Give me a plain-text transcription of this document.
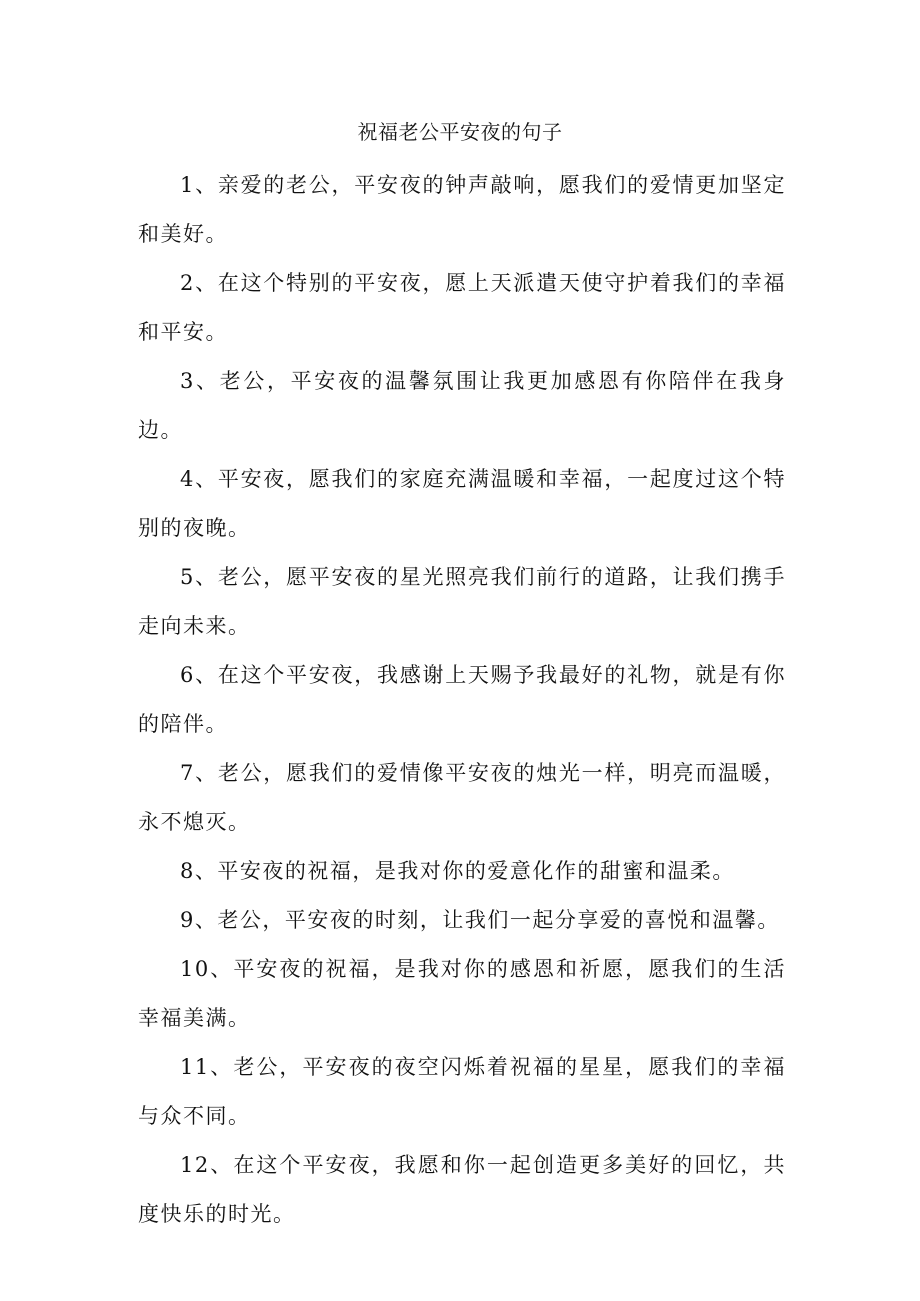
祝福老公平安夜的句子
1、亲爱的老公，平安夜的钟声敲响，愿我们的爱情更加坚定和美好。
2、在这个特别的平安夜，愿上天派遣天使守护着我们的幸福和平安。
3、老公，平安夜的温馨氛围让我更加感恩有你陪伴在我身边。
4、平安夜，愿我们的家庭充满温暖和幸福，一起度过这个特别的夜晚。
5、老公，愿平安夜的星光照亮我们前行的道路，让我们携手走向未来。
6、在这个平安夜，我感谢上天赐予我最好的礼物，就是有你的陪伴。
7、老公，愿我们的爱情像平安夜的烛光一样，明亮而温暖，永不熄灭。
8、平安夜的祝福，是我对你的爱意化作的甜蜜和温柔。
9、老公，平安夜的时刻，让我们一起分享爱的喜悦和温馨。
10、平安夜的祝福，是我对你的感恩和祈愿，愿我们的生活幸福美满。
11、老公，平安夜的夜空闪烁着祝福的星星，愿我们的幸福与众不同。
12、在这个平安夜，我愿和你一起创造更多美好的回忆，共度快乐的时光。
